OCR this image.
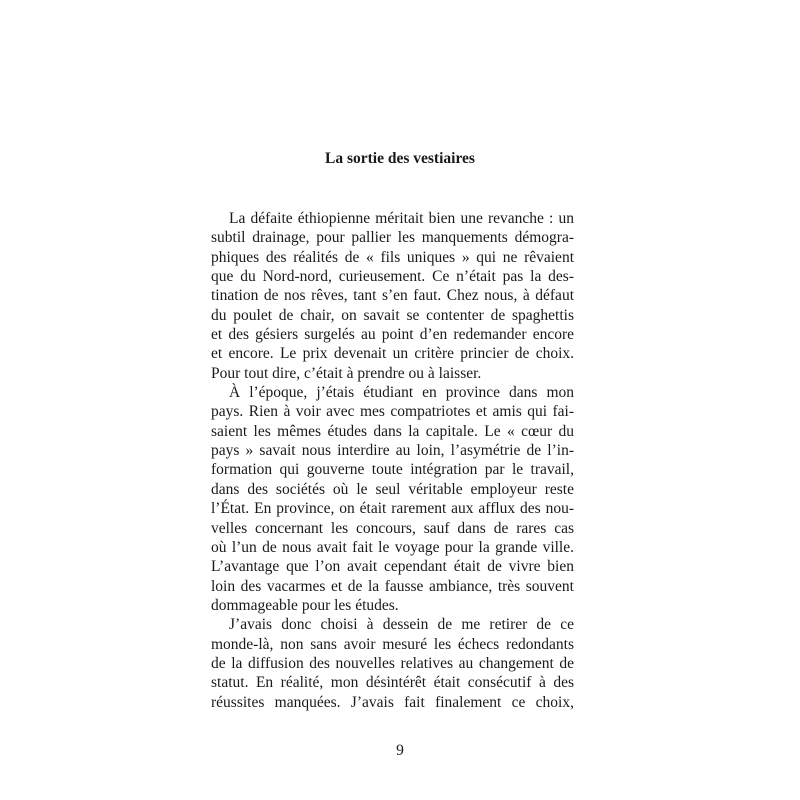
La sortie des vestiaires

La défaite éthiopienne méritait bien une revanche : un
subtil drainage, pour pallier les manquements démogra-
phiques des réalités de « fils uniques » qui ne rêvaient
que du Nord-nord, curieusement. Ce n’était pas la des-
tination de nos rêves, tant s’en faut. Chez nous, à défaut
du poulet de chair, on savait se contenter de spaghettis
et des gésiers surgelés au point d’en redemander encore
et encore. Le prix devenait un critère princier de choix.
Pour tout dire, c’était à prendre ou à laisser.

À l’époque, j’étais étudiant en province dans mon
pays. Rien à voir avec mes compatriotes et amis qui fai-
saient les mêmes études dans la capitale. Le « cœur du
pays » savait nous interdire au loin, l’asymétrie de l’in-
formation qui gouverne toute intégration par le travail,
dans des sociétés où le seul véritable employeur reste
l’État. En province, on était rarement aux afflux des nou-
velles concernant les concours, sauf dans de rares cas
où l’un de nous avait fait le voyage pour la grande ville.
L’avantage que l’on avait cependant était de vivre bien
loin des vacarmes et de la fausse ambiance, très souvent
dommageable pour les études.

J’avais donc choisi à dessein de me retirer de ce
monde-là, non sans avoir mesuré les échecs redondants
de la diffusion des nouvelles relatives au changement de
statut. En réalité, mon désintérêt était consécutif à des
réussites manquées. J’avais fait finalement ce choix,

9
